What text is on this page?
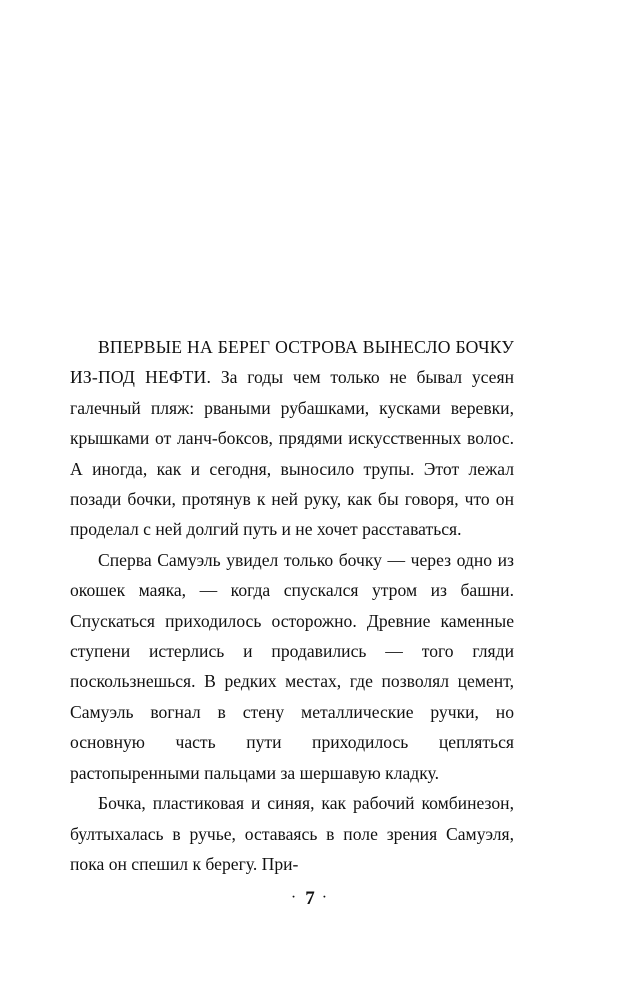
ВПЕРВЫЕ НА БЕРЕГ ОСТРОВА ВЫНЕСЛО БОЧКУ ИЗ-ПОД НЕФТИ. За годы чем только не бывал усеян галечный пляж: рваными рубашками, кусками веревки, крышками от ланч-боксов, прядями искусственных волос. А иногда, как и сегодня, выносило трупы. Этот лежал позади бочки, протянув к ней руку, как бы говоря, что он проделал с ней долгий путь и не хочет расставаться.

Сперва Самуэль увидел только бочку — через одно из окошек маяка, — когда спускался утром из башни. Спускаться приходилось осторожно. Древние каменные ступени истерлись и продавились — того гляди поскользнешься. В редких местах, где позволял цемент, Самуэль вогнал в стену металлические ручки, но основную часть пути приходилось цепляться растопыренными пальцами за шершавую кладку.

Бочка, пластиковая и синяя, как рабочий комбинезон, бултыхалась в ручье, оставаясь в поле зрения Самуэля, пока он спешил к берегу. При-

· 7 ·
